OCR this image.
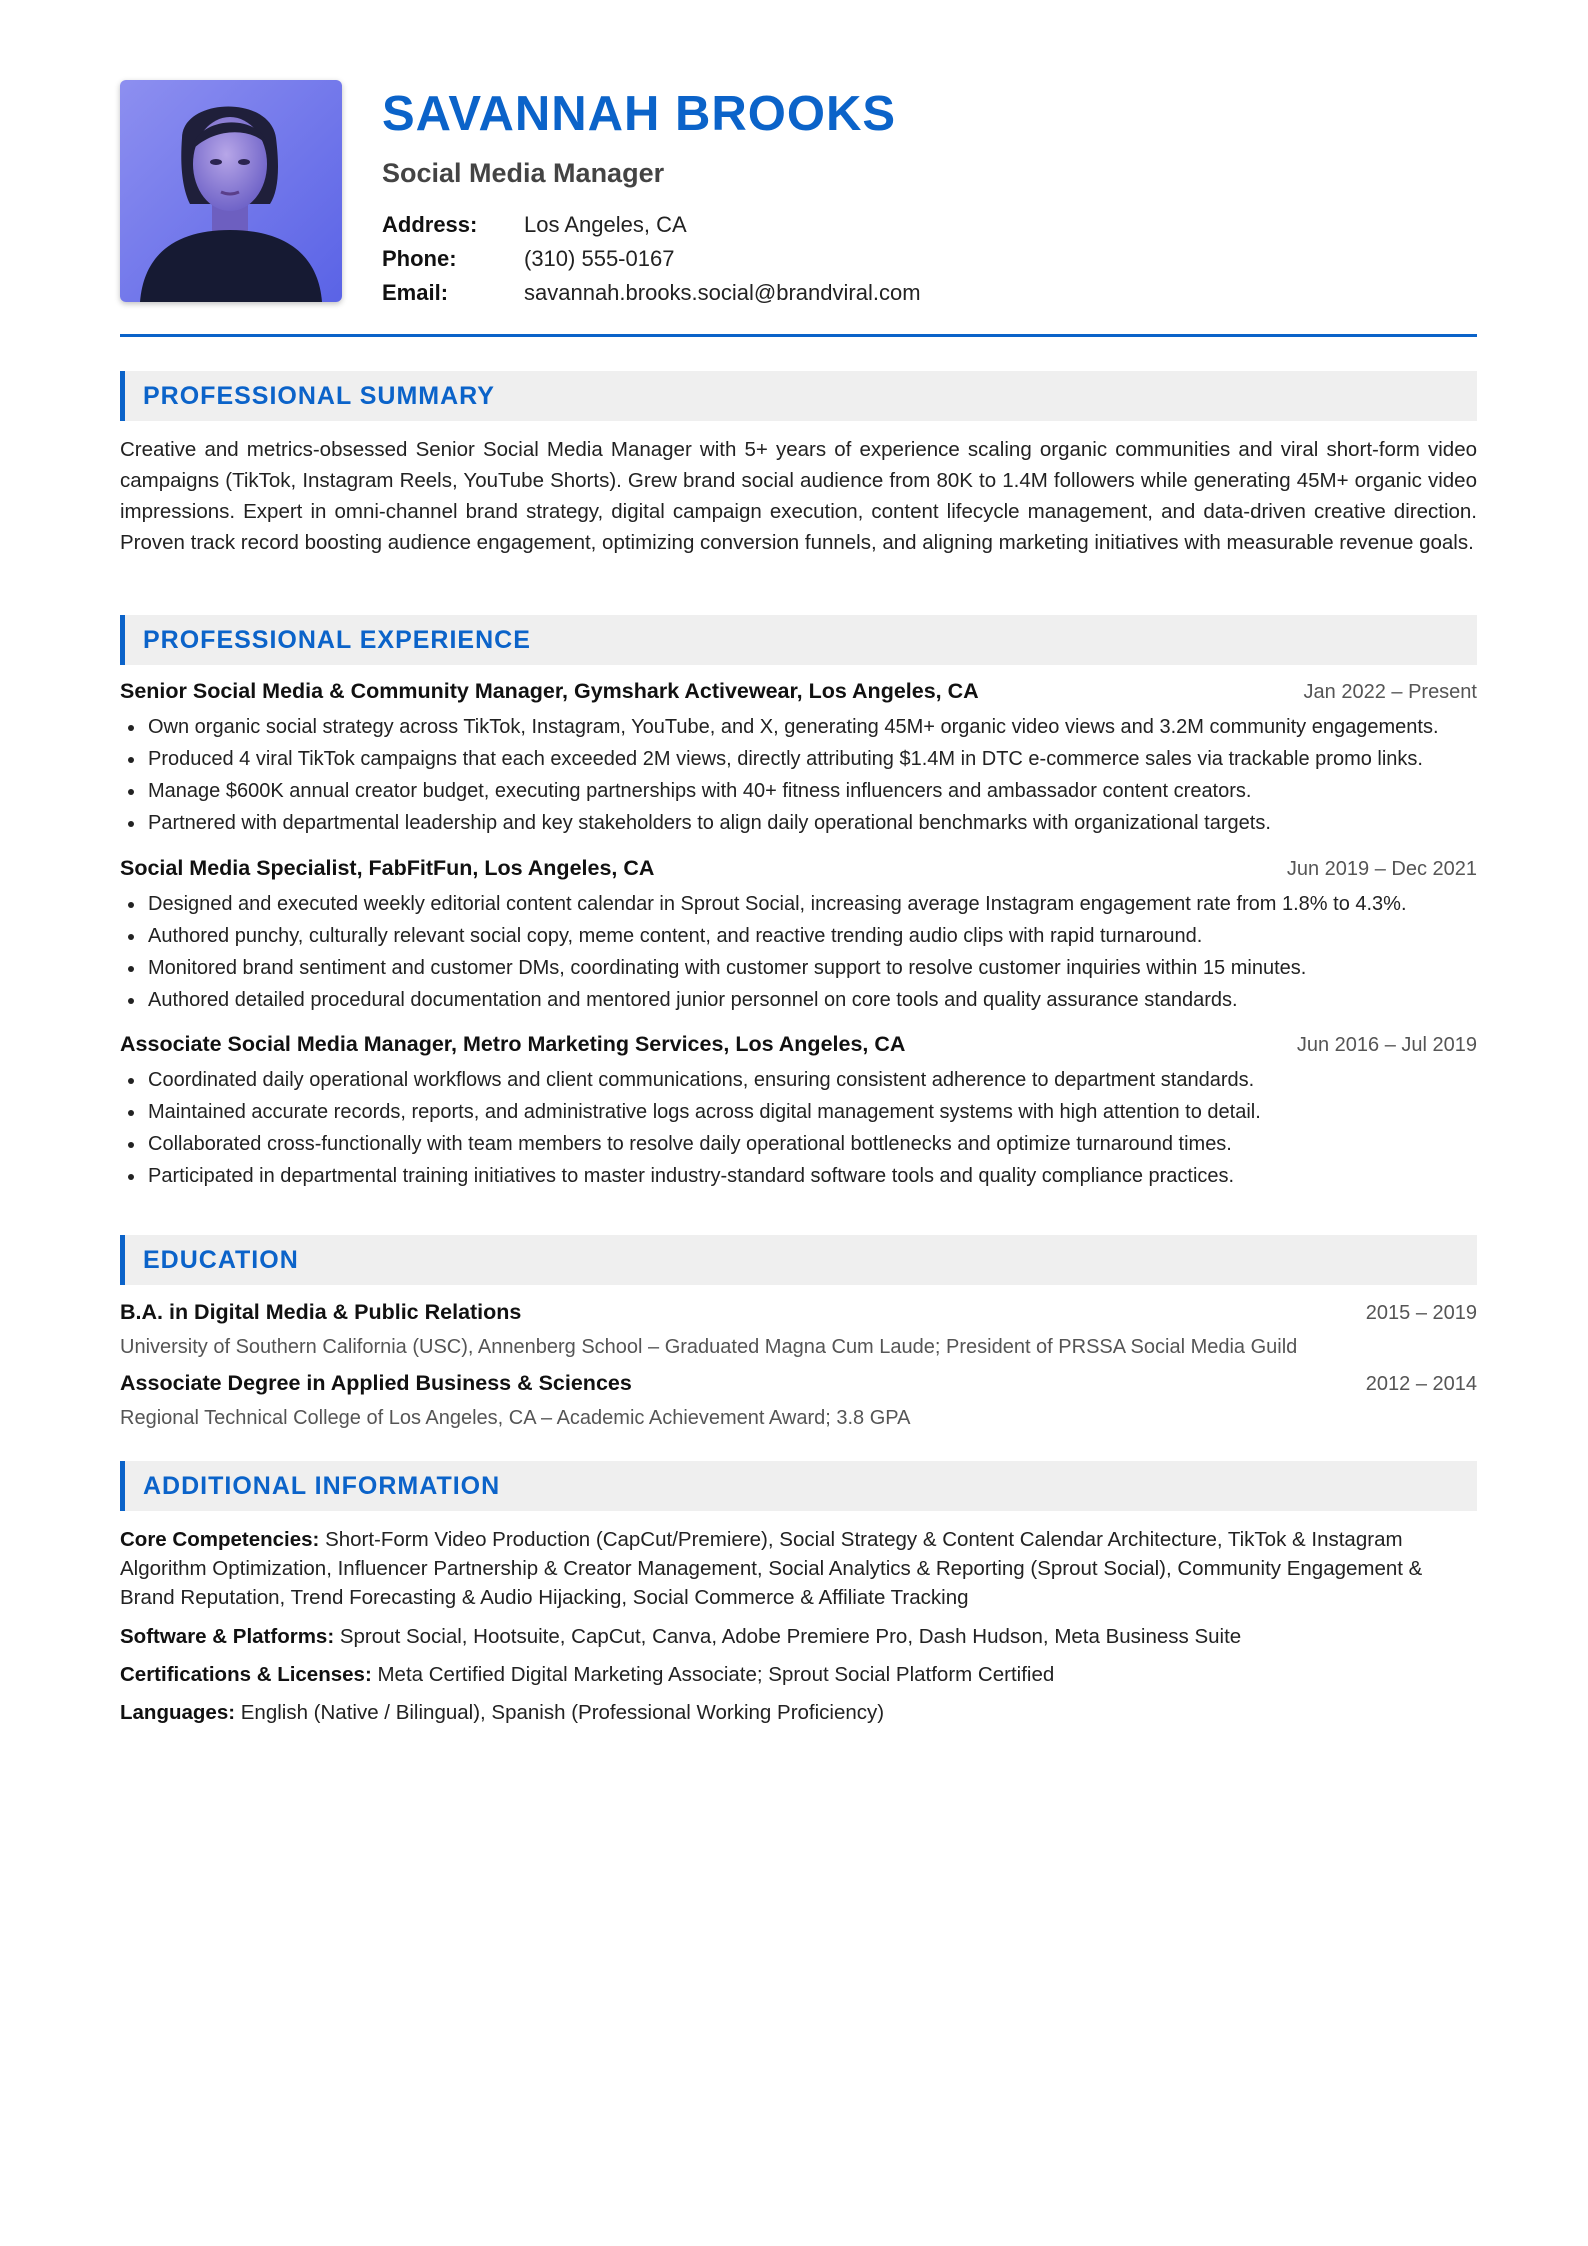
SAVANNAH BROOKS
Social Media Manager
Address:	Los Angeles, CA
Phone:	(310) 555-0167
Email:	savannah.brooks.social@brandviral.com
PROFESSIONAL SUMMARY

Creative and metrics-obsessed Senior Social Media Manager with 5+ years of experience scaling organic communities and viral short-form video campaigns (TikTok, Instagram Reels, YouTube Shorts). Grew brand social audience from 80K to 1.4M followers while generating 45M+ organic video impressions. Expert in omni-channel brand strategy, digital campaign execution, content lifecycle management, and data-driven creative direction. Proven track record boosting audience engagement, optimizing conversion funnels, and aligning marketing initiatives with measurable revenue goals.

PROFESSIONAL EXPERIENCE
Senior Social Media & Community Manager, Gymshark Activewear, Los Angeles, CA	Jan 2022 – Present
Own organic social strategy across TikTok, Instagram, YouTube, and X, generating 45M+ organic video views and 3.2M community engagements.
Produced 4 viral TikTok campaigns that each exceeded 2M views, directly attributing $1.4M in DTC e-commerce sales via trackable promo links.
Manage $600K annual creator budget, executing partnerships with 40+ fitness influencers and ambassador content creators.
Partnered with departmental leadership and key stakeholders to align daily operational benchmarks with organizational targets.
Social Media Specialist, FabFitFun, Los Angeles, CA	Jun 2019 – Dec 2021
Designed and executed weekly editorial content calendar in Sprout Social, increasing average Instagram engagement rate from 1.8% to 4.3%.
Authored punchy, culturally relevant social copy, meme content, and reactive trending audio clips with rapid turnaround.
Monitored brand sentiment and customer DMs, coordinating with customer support to resolve customer inquiries within 15 minutes.
Authored detailed procedural documentation and mentored junior personnel on core tools and quality assurance standards.
Associate Social Media Manager, Metro Marketing Services, Los Angeles, CA	Jun 2016 – Jul 2019
Coordinated daily operational workflows and client communications, ensuring consistent adherence to department standards.
Maintained accurate records, reports, and administrative logs across digital management systems with high attention to detail.
Collaborated cross-functionally with team members to resolve daily operational bottlenecks and optimize turnaround times.
Participated in departmental training initiatives to master industry-standard software tools and quality compliance practices.
EDUCATION
B.A. in Digital Media & Public Relations	2015 – 2019
University of Southern California (USC), Annenberg School – Graduated Magna Cum Laude; President of PRSSA Social Media Guild
Associate Degree in Applied Business & Sciences	2012 – 2014
Regional Technical College of Los Angeles, CA – Academic Achievement Award; 3.8 GPA
ADDITIONAL INFORMATION

Core Competencies: Short-Form Video Production (CapCut/Premiere), Social Strategy & Content Calendar Architecture, TikTok & Instagram Algorithm Optimization, Influencer Partnership & Creator Management, Social Analytics & Reporting (Sprout Social), Community Engagement & Brand Reputation, Trend Forecasting & Audio Hijacking, Social Commerce & Affiliate Tracking

Software & Platforms: Sprout Social, Hootsuite, CapCut, Canva, Adobe Premiere Pro, Dash Hudson, Meta Business Suite

Certifications & Licenses: Meta Certified Digital Marketing Associate; Sprout Social Platform Certified

Languages: English (Native / Bilingual), Spanish (Professional Working Proficiency)
